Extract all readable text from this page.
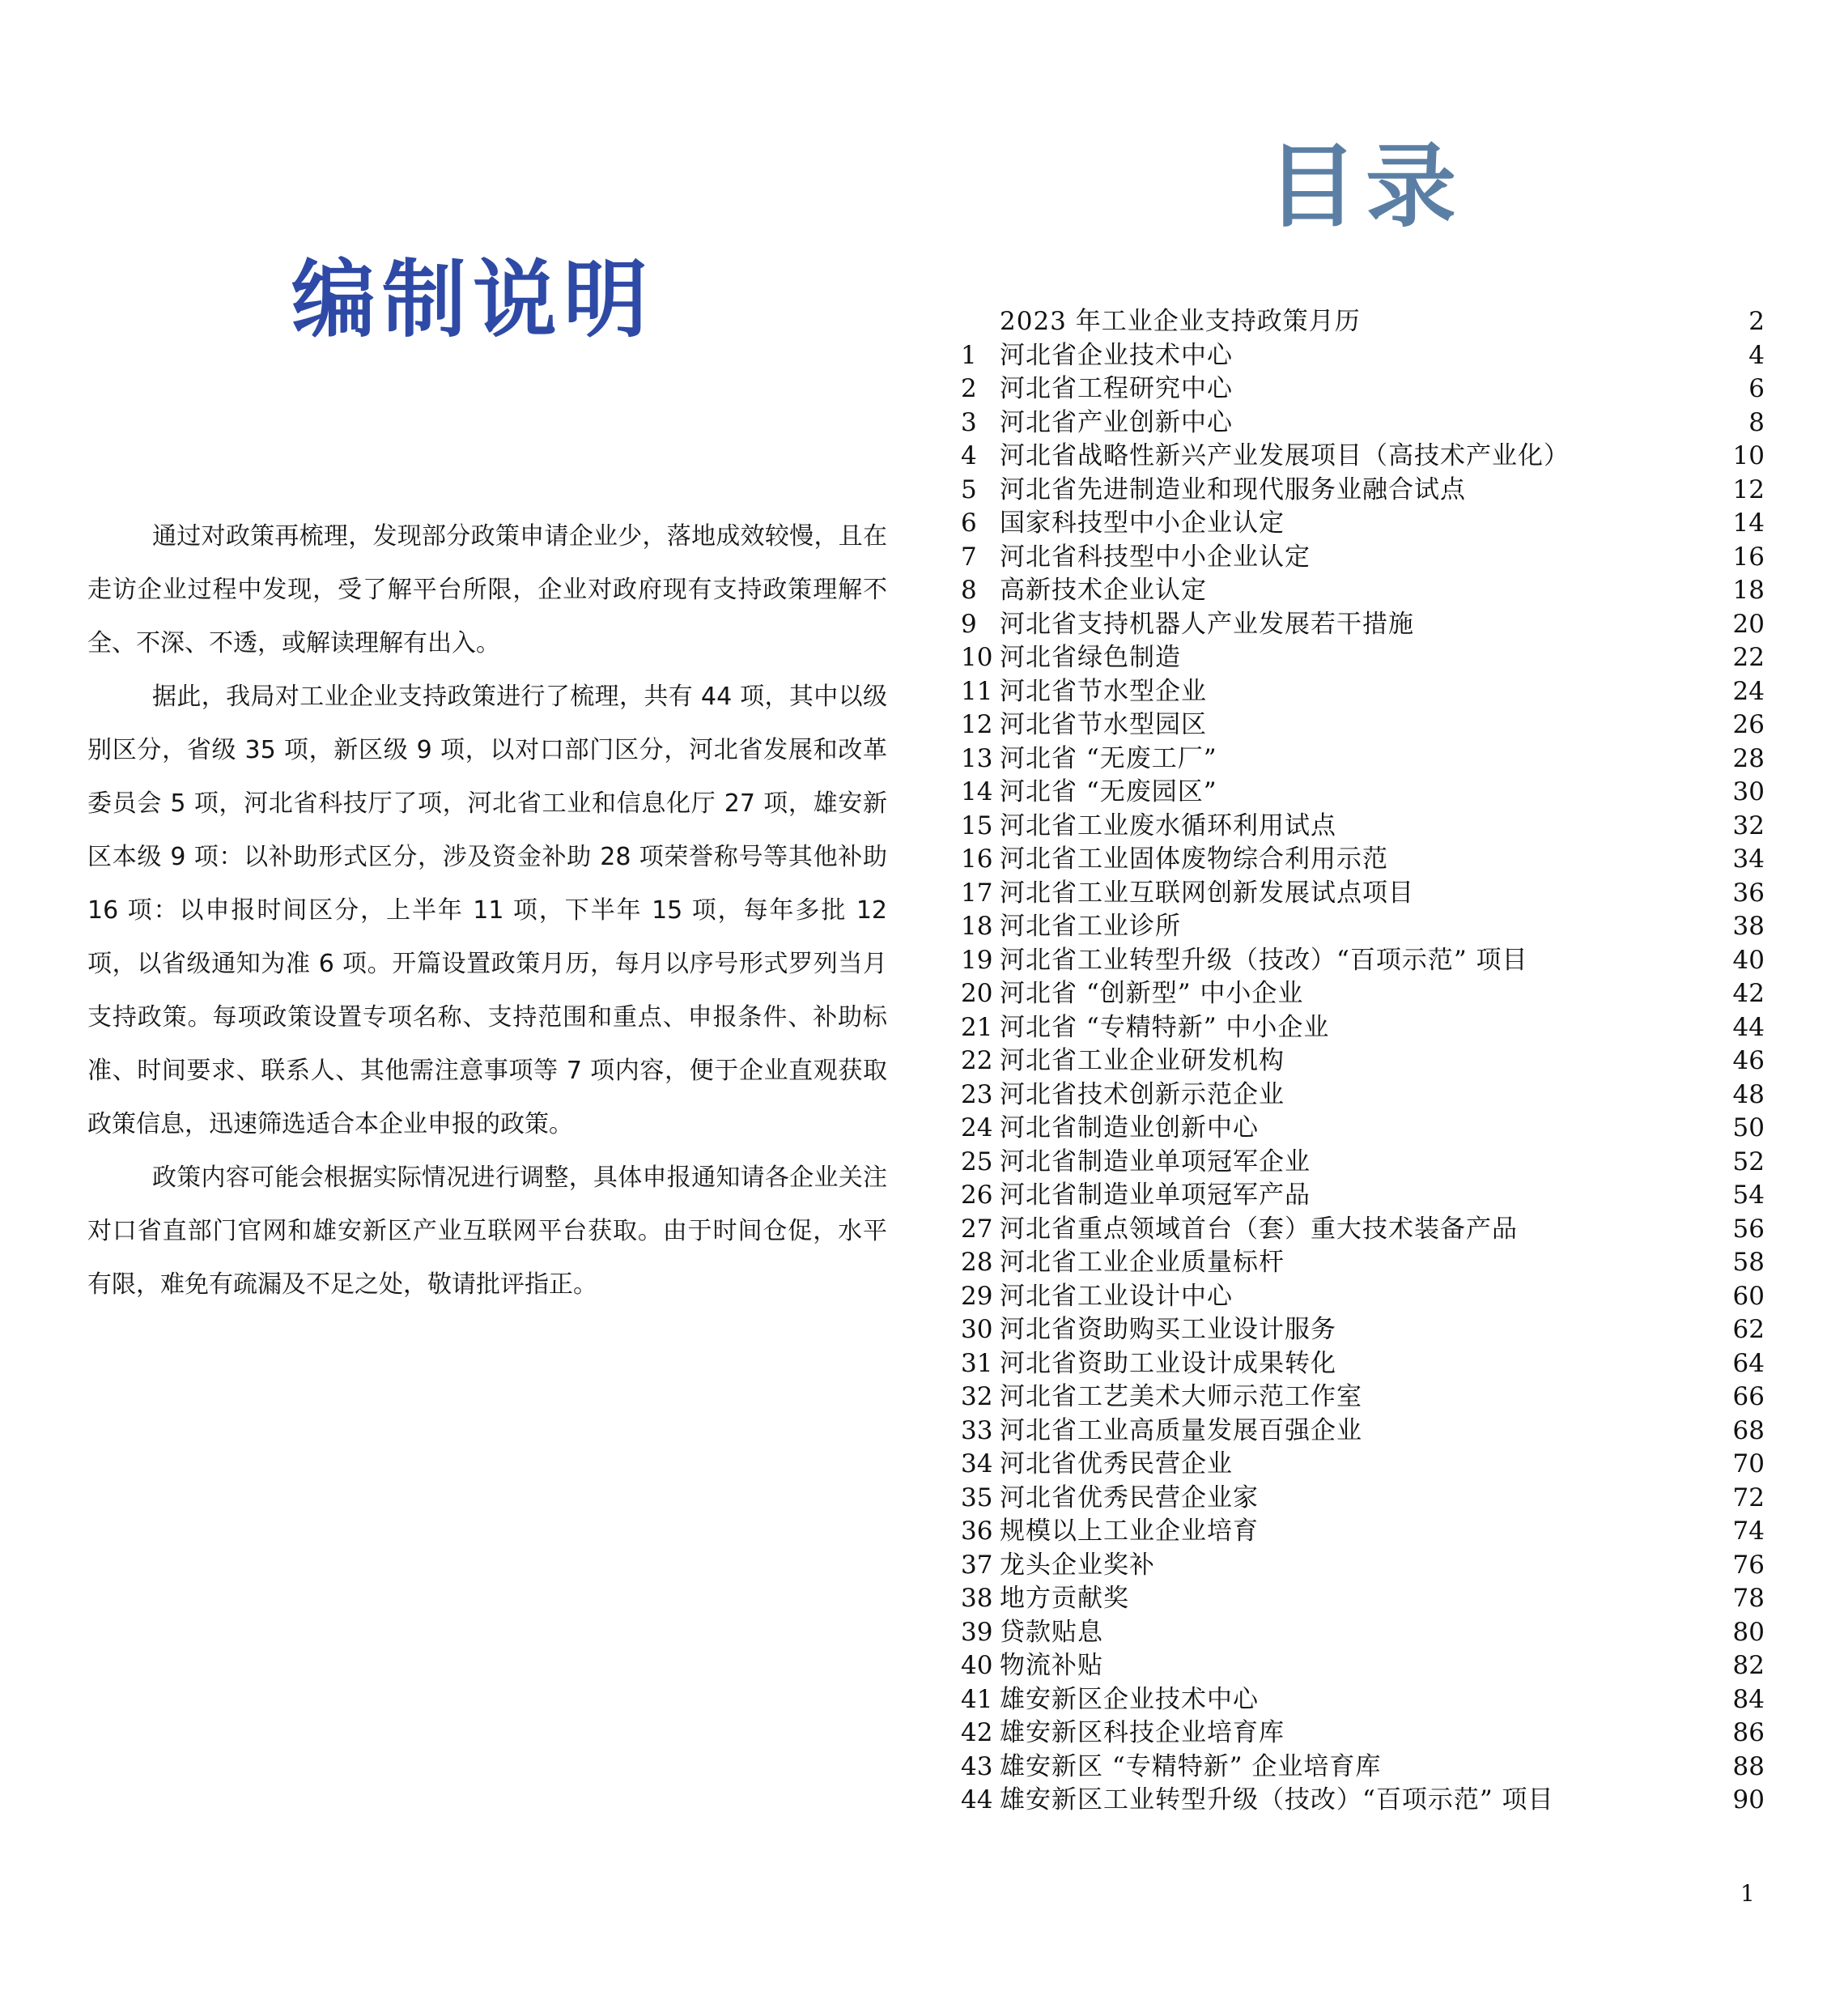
编制说明

通过对政策再梳理，发现部分政策申请企业少，落地成效较慢，且在走访企业过程中发现，受了解平台所限，企业对政府现有支持政策理解不全、不深、不透，或解读理解有出入。

据此，我局对工业企业支持政策进行了梳理，共有 44 项，其中以级别区分，省级 35 项，新区级 9 项，以对口部门区分，河北省发展和改革委员会 5 项，河北省科技厅了项，河北省工业和信息化厅 27 项，雄安新区本级 9 项：以补助形式区分，涉及资金补助 28 项荣誉称号等其他补助 16 项：以申报时间区分，上半年 11 项，下半年 15 项，每年多批 12 项，以省级通知为准 6 项。开篇设置政策月历，每月以序号形式罗列当月支持政策。每项政策设置专项名称、支持范围和重点、申报条件、补助标准、时间要求、联系人、其他需注意事项等 7 项内容，便于企业直观获取政策信息，迅速筛选适合本企业申报的政策。

政策内容可能会根据实际情况进行调整，具体申报通知请各企业关注对口省直部门官网和雄安新区产业互联网平台获取。由于时间仓促，水平有限，难免有疏漏及不足之处，敬请批评指正。

目录
2023 年工业企业支持政策月历	2
1 河北省企业技术中心	4
2 河北省工程研究中心	6
3 河北省产业创新中心	8
4 河北省战略性新兴产业发展项目（高技术产业化）	10
5 河北省先进制造业和现代服务业融合试点	12
6 国家科技型中小企业认定	14
7 河北省科技型中小企业认定	16
8 高新技术企业认定	18
9 河北省支持机器人产业发展若干措施	20
10 河北省绿色制造	22
11 河北省节水型企业	24
12 河北省节水型园区	26
13 河北省 “无废工厂”	28
14 河北省 “无废园区”	30
15 河北省工业废水循环利用试点	32
16 河北省工业固体废物综合利用示范	34
17 河北省工业互联网创新发展试点项目	36
18 河北省工业诊所	38
19 河北省工业转型升级（技改）“百项示范” 项目	40
20 河北省 “创新型” 中小企业	42
21 河北省 “专精特新” 中小企业	44
22 河北省工业企业研发机构	46
23 河北省技术创新示范企业	48
24 河北省制造业创新中心	50
25 河北省制造业单项冠军企业	52
26 河北省制造业单项冠军产品	54
27 河北省重点领域首台（套）重大技术装备产品	56
28 河北省工业企业质量标杆	58
29 河北省工业设计中心	60
30 河北省资助购买工业设计服务	62
31 河北省资助工业设计成果转化	64
32 河北省工艺美术大师示范工作室	66
33 河北省工业高质量发展百强企业	68
34 河北省优秀民营企业	70
35 河北省优秀民营企业家	72
36 规模以上工业企业培育	74
37 龙头企业奖补	76
38 地方贡献奖	78
39 贷款贴息	80
40 物流补贴	82
41 雄安新区企业技术中心	84
42 雄安新区科技企业培育库	86
43 雄安新区 “专精特新” 企业培育库	88
44 雄安新区工业转型升级（技改）“百项示范” 项目	90
1
